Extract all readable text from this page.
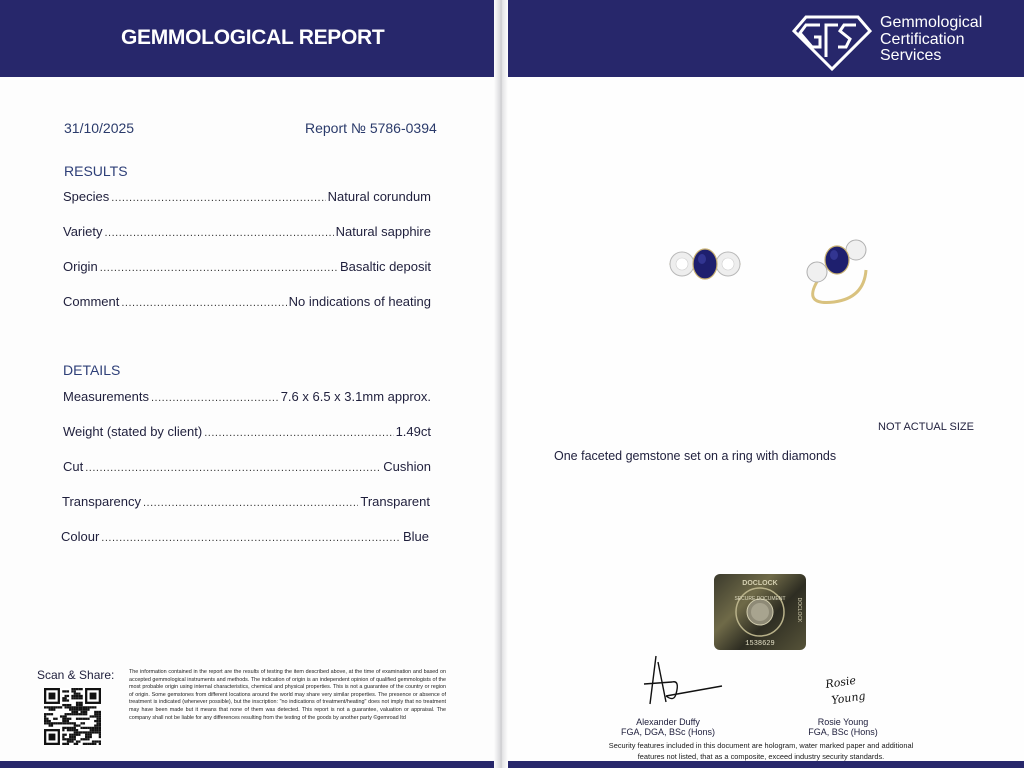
GEMMOLOGICAL REPORT
31/10/2025	Report № 5786-0394
RESULTS
Species .....	Natural corundum
Variety .....	Natural sapphire
Origin .....	Basaltic deposit
Comment .....	No indications of heating
DETAILS
Measurements .....	7.6 x 6.5 x 3.1mm approx.
Weight (stated by client) .....	1.49ct
Cut .....	Cushion
Transparency .....	Transparent
Colour .....	Blue
Scan & Share:	The information contained in the report are the results of testing the item described above, at the time of examination and based on accepted gemmological instruments and methods. The indication of origin is an independent opinion of qualified gemmologists of the most probable origin using internal characteristics, chemical and physical properties. This is not a guarantee of the country or region of origin. Some gemstones from different locations around the world may share very similar properties. The presence or absence of treatment is indicated (whenever possible), but the inscription: "no indications of treatment/heating" does not imply that no treatment may have been made but it means that none of them was detected. This report is not a guarantee, valuation or appraisal. The company shall not be liable for any differences resulting from the testing of the goods by another party ©gemroad ltd
Gemmological
Certification
Services
NOT ACTUAL SIZE
One faceted gemstone set on a ring with diamonds
DOCLOCK
SECURE DOCUMENT DOCLOCK
1538629
AD
Rosie
Young
Rosie Young
Alexander Duffy
FGA, DGA, BSc (Hons)
Rosie Young
FGA, BSc (Hons)
Security features included in this document are hologram, water marked paper and additional features not listed, that as a composite, exceed industry security standards.
